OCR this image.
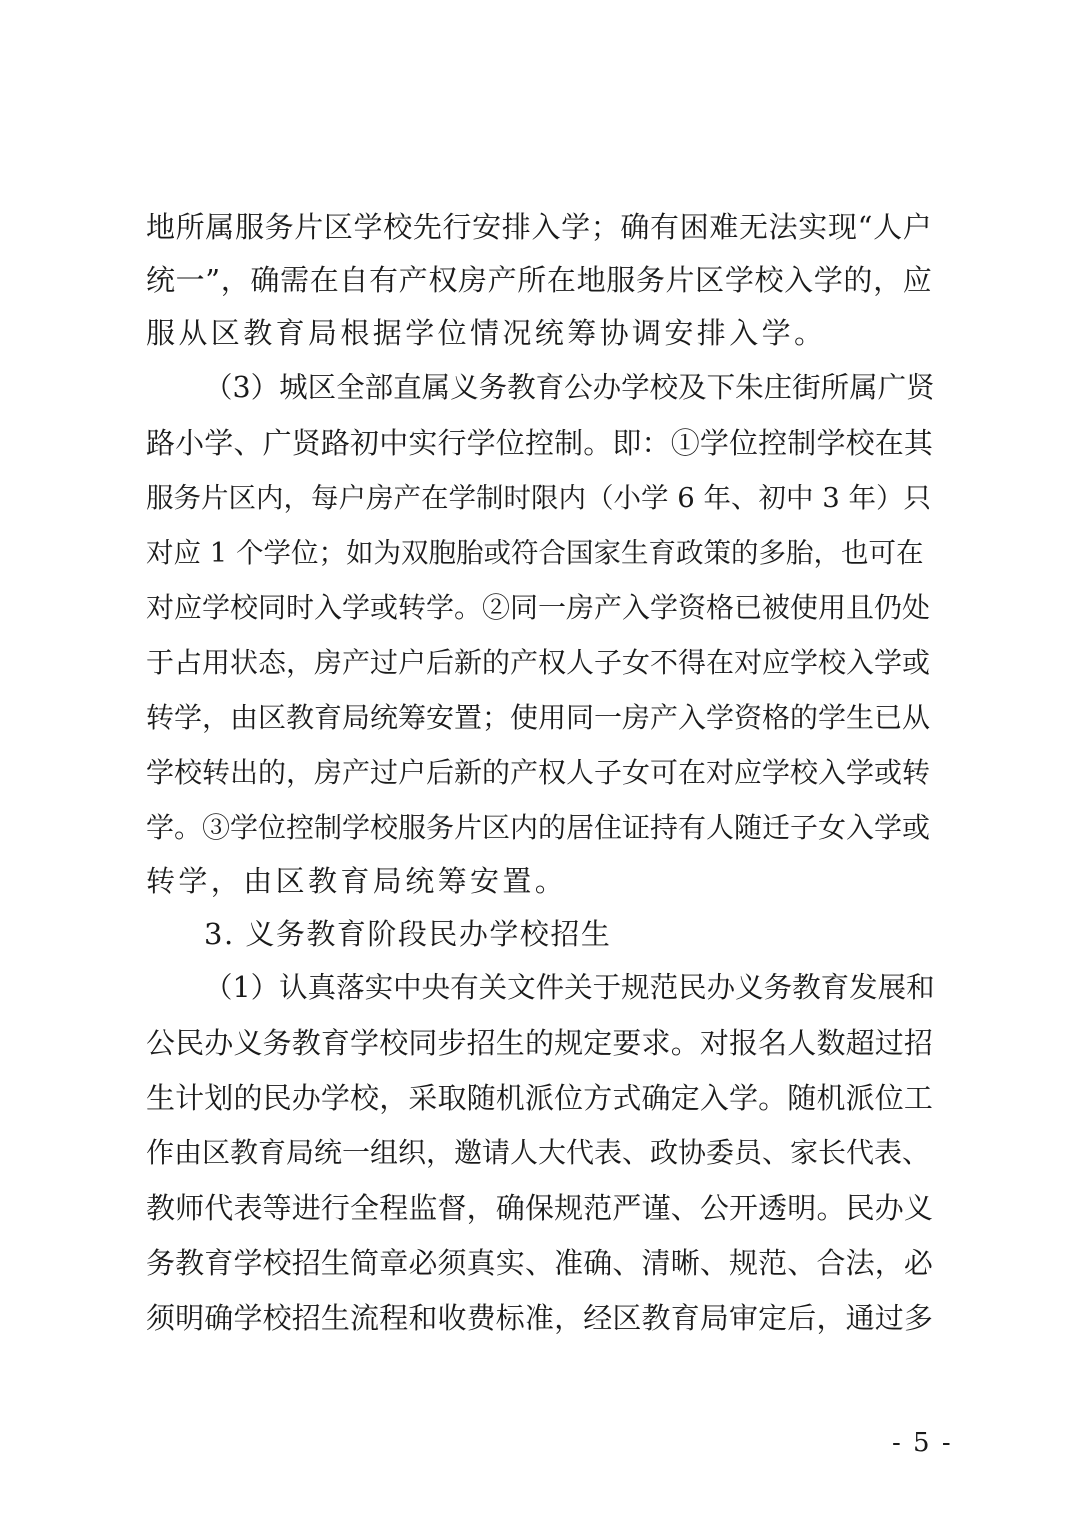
地所属服务片区学校先行安排入学；确有困难无法实现“人户
统一”，确需在自有产权房产所在地服务片区学校入学的，应
服从区教育局根据学位情况统筹协调安排入学。
（3）城区全部直属义务教育公办学校及下朱庄街所属广贤
路小学、广贤路初中实行学位控制。即：①学位控制学校在其
服务片区内，每户房产在学制时限内（小学 6 年、初中 3 年）只
对应 1 个学位；如为双胞胎或符合国家生育政策的多胎，也可在
对应学校同时入学或转学。②同一房产入学资格已被使用且仍处
于占用状态，房产过户后新的产权人子女不得在对应学校入学或
转学，由区教育局统筹安置；使用同一房产入学资格的学生已从
学校转出的，房产过户后新的产权人子女可在对应学校入学或转
学。③学位控制学校服务片区内的居住证持有人随迁子女入学或
转学，由区教育局统筹安置。
3. 义务教育阶段民办学校招生
（1）认真落实中央有关文件关于规范民办义务教育发展和
公民办义务教育学校同步招生的规定要求。对报名人数超过招
生计划的民办学校，采取随机派位方式确定入学。随机派位工
作由区教育局统一组织，邀请人大代表、政协委员、家长代表、
教师代表等进行全程监督，确保规范严谨、公开透明。民办义
务教育学校招生简章必须真实、准确、清晰、规范、合法，必
须明确学校招生流程和收费标准，经区教育局审定后，通过多
- 5 -
